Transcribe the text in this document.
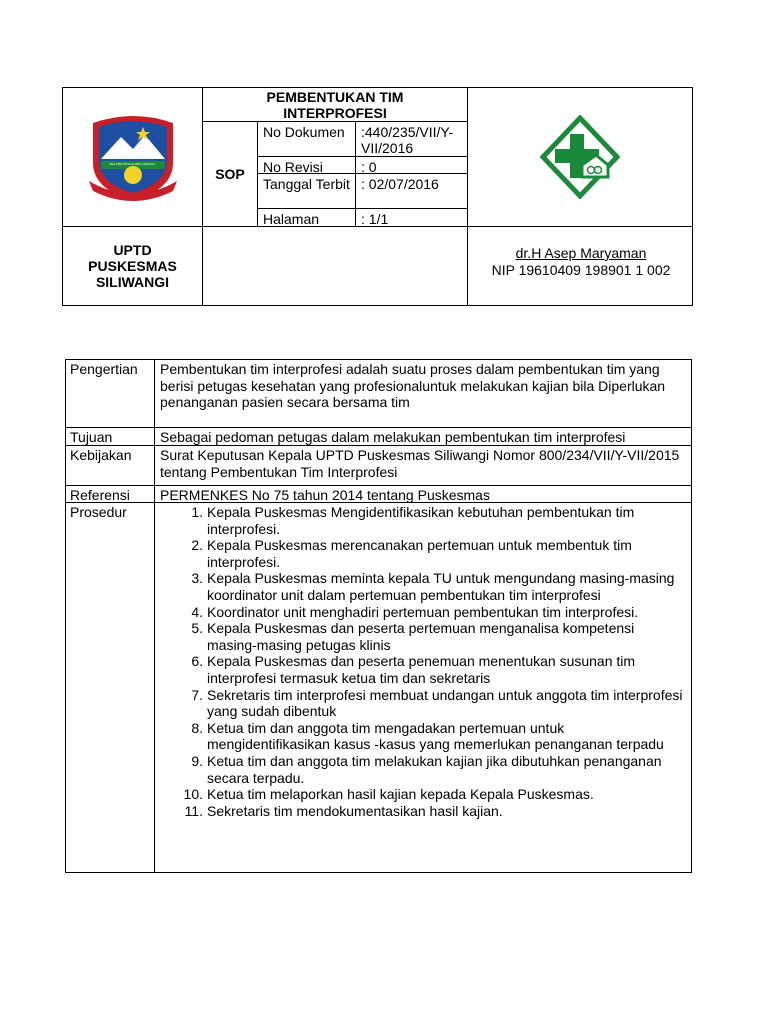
SEA PRAYITNA ALOPA UNGGAH
PEMBENTUKAN TIM INTERPROFESI
SOP
No Dokumen	:440/235/VII/Y-VII/2016
No Revisi	: 0
Tanggal Terbit : 02/07/2016
Halaman	: 1/1
UPTD PUSKESMAS SILIWANGI
dr.H Asep Maryaman
NIP 19610409 198901 1 002
Pengertian	Pembentukan tim interprofesi adalah suatu proses dalam pembentukan tim yang berisi petugas kesehatan yang profesionaluntuk melakukan kajian bila Diperlukan penanganan pasien secara bersama tim
Tujuan	Sebagai pedoman petugas dalam melakukan pembentukan tim interprofesi
Kebijakan	Surat Keputusan Kepala UPTD Puskesmas Siliwangi Nomor 800/234/VII/Y-VII/2015 tentang Pembentukan Tim Interprofesi
Referensi	PERMENKES No 75 tahun 2014 tentang Puskesmas
Prosedur	1. Kepala Puskesmas Mengidentifikasikan kebutuhan pembentukan tim interprofesi.
2. Kepala Puskesmas merencanakan pertemuan untuk membentuk tim interprofesi.
3. Kepala Puskesmas meminta kepala TU untuk mengundang masing-masing koordinator unit dalam pertemuan pembentukan tim interprofesi
4. Koordinator unit menghadiri pertemuan pembentukan tim interprofesi.
5. Kepala Puskesmas dan peserta pertemuan menganalisa kompetensi masing-masing petugas klinis
6. Kepala Puskesmas dan peserta penemuan menentukan susunan tim interprofesi termasuk ketua tim dan sekretaris
7. Sekretaris tim interprofesi membuat undangan untuk anggota tim interprofesi yang sudah dibentuk
8. Ketua tim dan anggota tim mengadakan pertemuan untuk mengidentifikasikan kasus -kasus yang memerlukan penanganan terpadu
9. Ketua tim dan anggota tim melakukan kajian jika dibutuhkan penanganan secara terpadu.
10. Ketua tim melaporkan hasil kajian kepada Kepala Puskesmas.
11. Sekretaris tim mendokumentasikan hasil kajian.
